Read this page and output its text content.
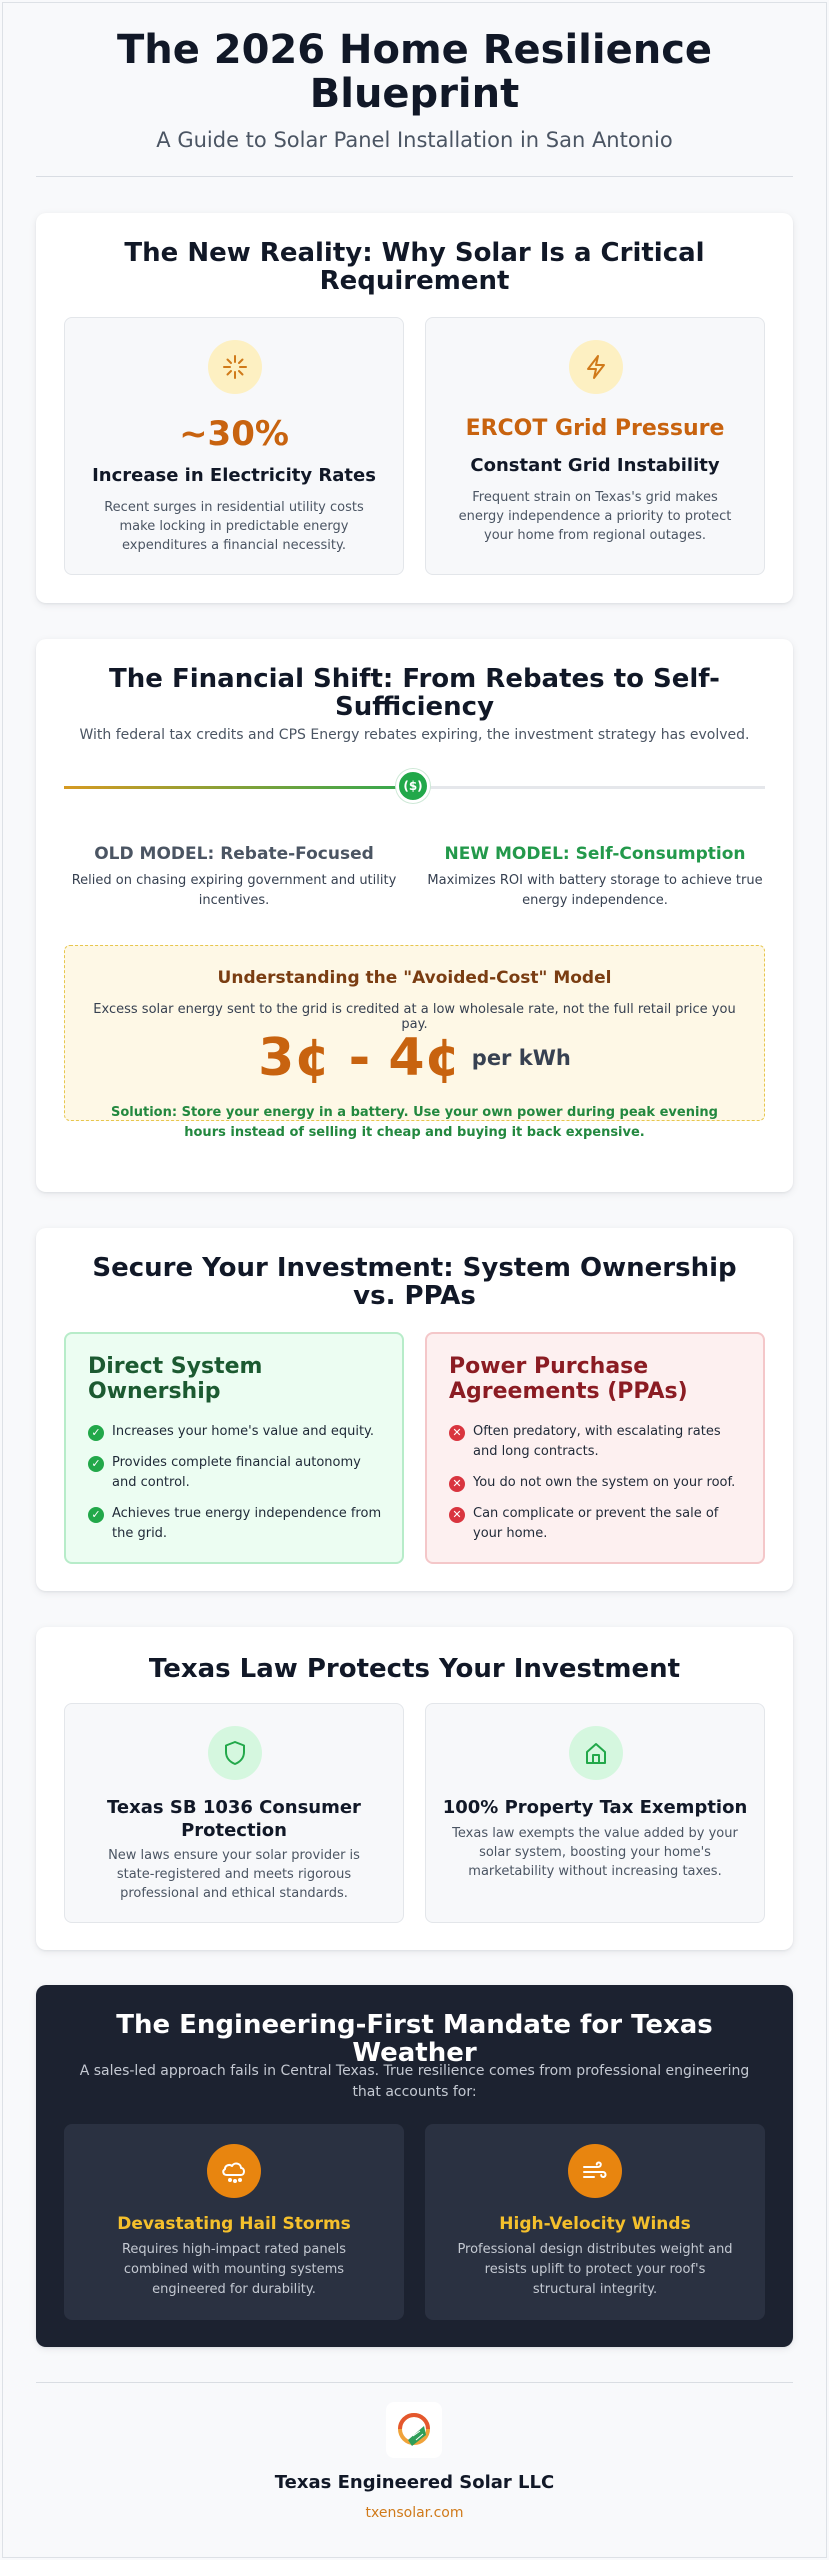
The 2026 Home Resilience Blueprint

A Guide to Solar Panel Installation in San Antonio

The New Reality: Why Solar Is a Critical Requirement
~30%
Increase in Electricity Rates
Recent surges in residential utility costs make locking in predictable energy expenditures a financial necessity.
ERCOT Grid Pressure
Constant Grid Instability
Frequent strain on Texas's grid makes energy independence a priority to protect your home from regional outages.
The Financial Shift: From Rebates to Self-Sufficiency

With federal tax credits and CPS Energy rebates expiring, the investment strategy has evolved.

($)
OLD MODEL: Rebate-Focused
Relied on chasing expiring government and utility incentives.
NEW MODEL: Self-Consumption
Maximizes ROI with battery storage to achieve true energy independence.
Understanding the "Avoided-Cost" Model
Excess solar energy sent to the grid is credited at a low wholesale rate, not the full retail price you pay.
3¢ - 4¢ per kWh
Solution: Store your energy in a battery. Use your own power during peak evening hours instead of selling it cheap and buying it back expensive.
Secure Your Investment: System Ownership vs. PPAs
Direct System Ownership
✓ Increases your home's value and equity.
✓ Provides complete financial autonomy and control.
✓ Achieves true energy independence from the grid.
Power Purchase Agreements (PPAs)
✕ Often predatory, with escalating rates and long contracts.
✕ You do not own the system on your roof.
✕ Can complicate or prevent the sale of your home.
Texas Law Protects Your Investment
Texas SB 1036 Consumer Protection
New laws ensure your solar provider is state-registered and meets rigorous professional and ethical standards.
100% Property Tax Exemption
Texas law exempts the value added by your solar system, boosting your home's marketability without increasing taxes.
The Engineering-First Mandate for Texas Weather

A sales-led approach fails in Central Texas. True resilience comes from professional engineering that accounts for:

Devastating Hail Storms
Requires high-impact rated panels combined with mounting systems engineered for durability.
High-Velocity Winds
Professional design distributes weight and resists uplift to protect your roof's structural integrity.
Texas Engineered Solar LLC
txensolar.com
